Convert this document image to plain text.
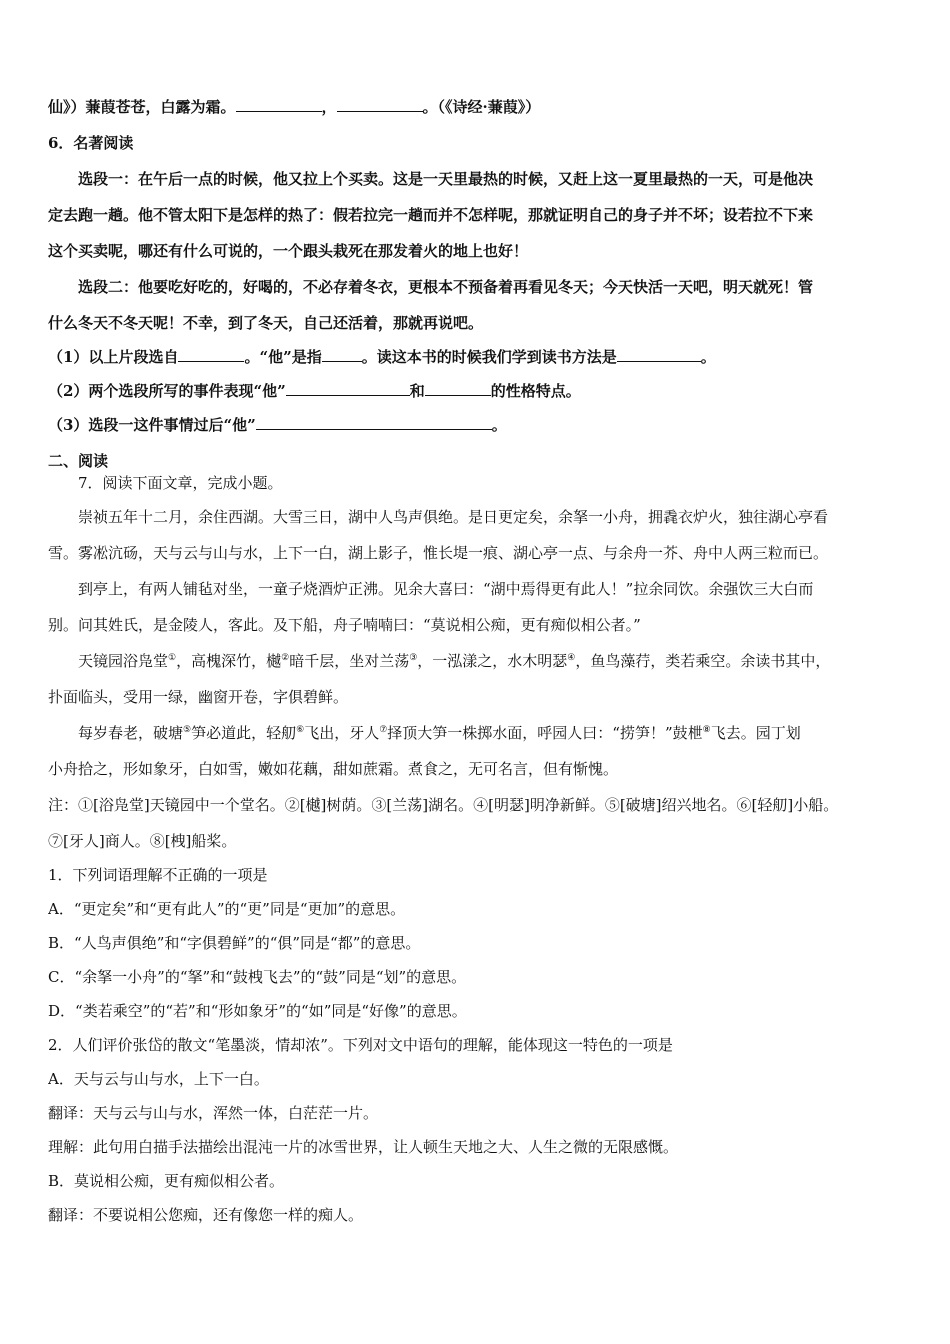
仙》）蒹葭苍苍，白露为霜。	，	。（《诗经·蒹葭》）
6．名著阅读
选段一：在午后一点的时候，他又拉上个买卖。这是一天里最热的时候，又赶上这一夏里最热的一天，可是他决
定去跑一趟。他不管太阳下是怎样的热了：假若拉完一趟而并不怎样呢，那就证明自己的身子并不坏；设若拉不下来
这个买卖呢，哪还有什么可说的，一个跟头栽死在那发着火的地上也好！
选段二：他要吃好吃的，好喝的，不必存着冬衣，更根本不预备着再看见冬天；今天快活一天吧，明天就死！管
什么冬天不冬天呢！不幸，到了冬天，自己还活着，那就再说吧。
（1）以上片段选自	。“他”是指	。读这本书的时候我们学到读书方法是	。
（2）两个选段所写的事件表现“他”	和	的性格特点。
（3）选段一这件事情过后“他”	。
二、阅读
7．阅读下面文章，完成小题。
崇祯五年十二月，余住西湖。大雪三日，湖中人鸟声俱绝。是日更定矣，余拏一小舟，拥毳衣炉火，独往湖心亭看
雪。雾凇沆砀，天与云与山与水，上下一白，湖上影子，惟长堤一痕、湖心亭一点、与余舟一芥、舟中人两三粒而已。
到亭上，有两人铺毡对坐，一童子烧酒炉正沸。见余大喜曰：“湖中焉得更有此人！”拉余同饮。余强饮三大白而
别。问其姓氏，是金陵人，客此。及下船，舟子喃喃曰：“莫说相公痴，更有痴似相公者。”
天镜园浴凫堂①，高槐深竹，樾②暗千层，坐对兰荡③，一泓漾之，水木明瑟④，鱼鸟藻荇，类若乘空。余读书其中，
扑面临头，受用一绿，幽窗开卷，字俱碧鲜。
每岁春老，破塘⑤笋必道此，轻舠⑥飞出，牙人⑦择顶大笋一株掷水面，呼园人曰：“捞笋！”鼓枻⑧飞去。园丁划
小舟拾之，形如象牙，白如雪，嫩如花藕，甜如蔗霜。煮食之，无可名言，但有惭愧。
注：①[浴凫堂]天镜园中一个堂名。②[樾]树荫。③[兰荡]湖名。④[明瑟]明净新鲜。⑤[破塘]绍兴地名。⑥[轻舠]小船。
⑦[牙人]商人。⑧[栧]船桨。
1．下列词语理解不正确的一项是
A．“更定矣”和“更有此人”的“更”同是“更加”的意思。
B．“人鸟声俱绝”和“字俱碧鲜”的“俱”同是“都”的意思。
C．“余拏一小舟”的“拏”和“鼓栧飞去”的“鼓”同是“划”的意思。
D．“类若乘空”的“若”和“形如象牙”的“如”同是“好像”的意思。
2．人们评价张岱的散文“笔墨淡，情却浓”。下列对文中语句的理解，能体现这一特色的一项是
A．天与云与山与水，上下一白。
翻译：天与云与山与水，浑然一体，白茫茫一片。
理解：此句用白描手法描绘出混沌一片的冰雪世界，让人顿生天地之大、人生之微的无限感慨。
B．莫说相公痴，更有痴似相公者。
翻译：不要说相公您痴，还有像您一样的痴人。
